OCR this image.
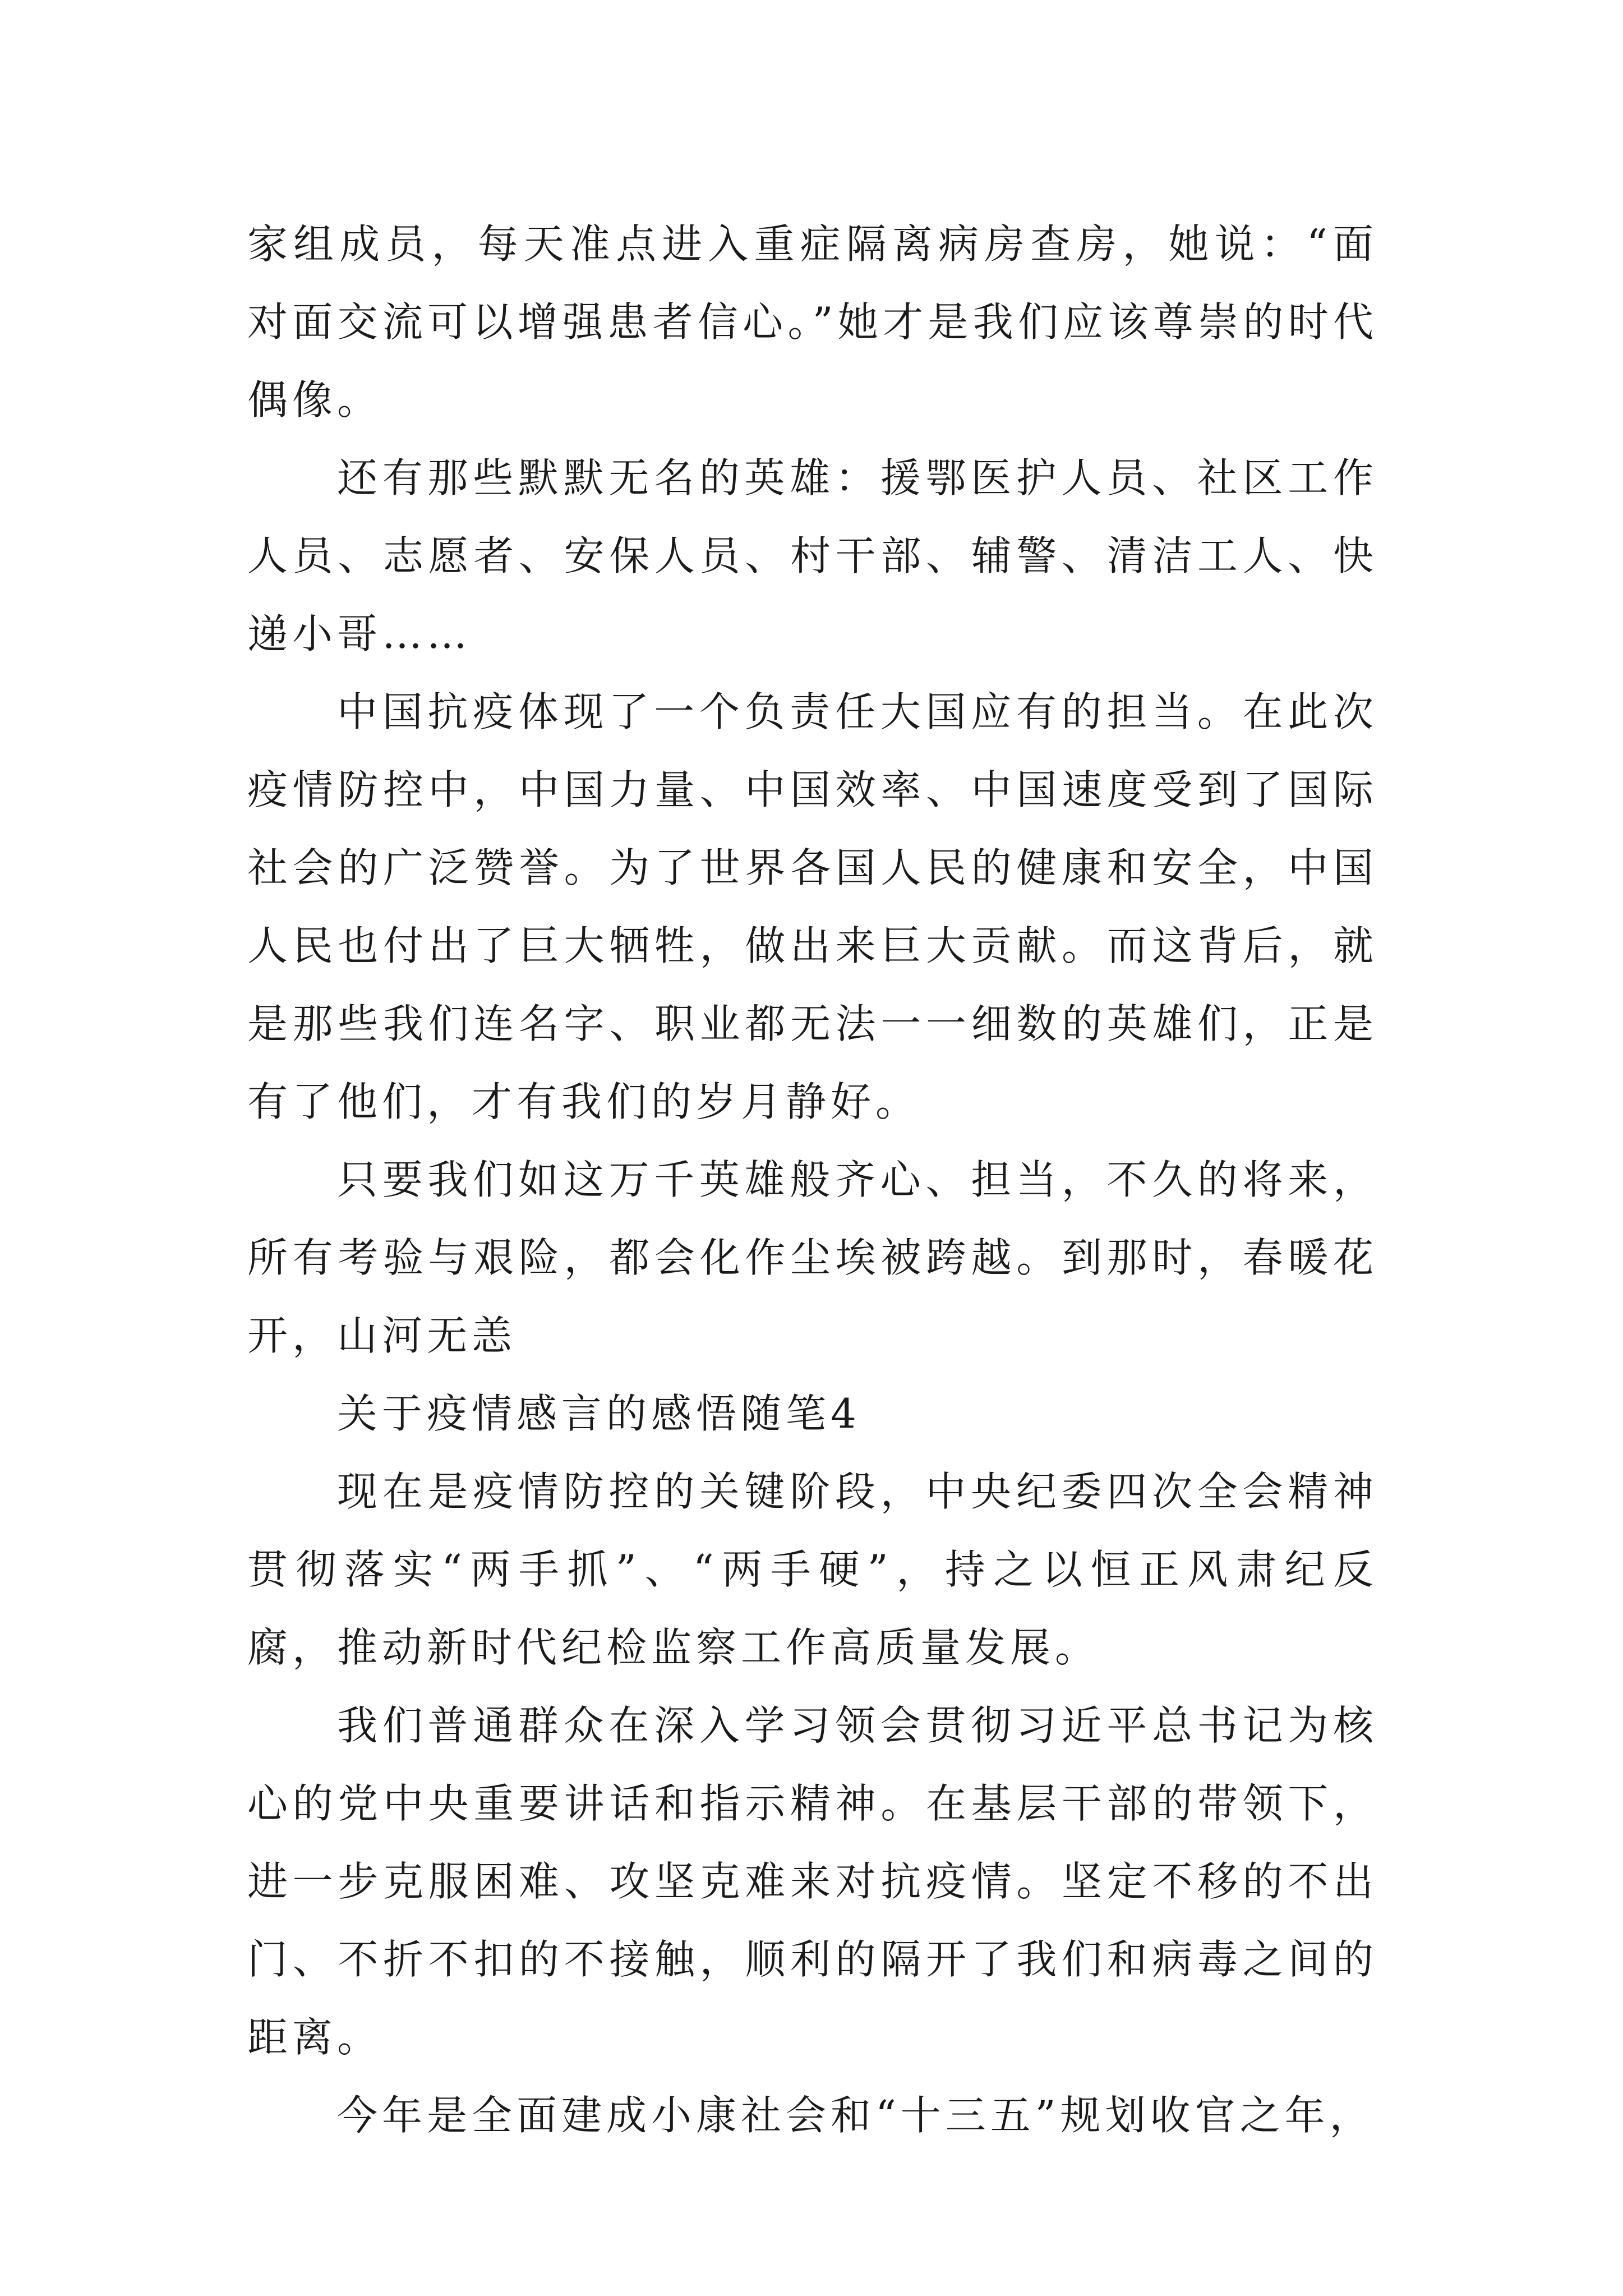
家组成员，每天准点进入重症隔离病房查房，她说：“面对面交流可以增强患者信心。”她才是我们应该尊崇的时代偶像。

还有那些默默无名的英雄：援鄂医护人员、社区工作人员、志愿者、安保人员、村干部、辅警、清洁工人、快递小哥……

中国抗疫体现了一个负责任大国应有的担当。在此次疫情防控中，中国力量、中国效率、中国速度受到了国际社会的广泛赞誉。为了世界各国人民的健康和安全，中国人民也付出了巨大牺牲，做出来巨大贡献。而这背后，就是那些我们连名字、职业都无法一一细数的英雄们，正是有了他们，才有我们的岁月静好。

只要我们如这万千英雄般齐心、担当，不久的将来，所有考验与艰险，都会化作尘埃被跨越。到那时，春暖花开，山河无恙

关于疫情感言的感悟随笔4

现在是疫情防控的关键阶段，中央纪委四次全会精神贯彻落实“两手抓”、“两手硬”，持之以恒正风肃纪反腐，推动新时代纪检监察工作高质量发展。

我们普通群众在深入学习领会贯彻习近平总书记为核心的党中央重要讲话和指示精神。在基层干部的带领下，进一步克服困难、攻坚克难来对抗疫情。坚定不移的不出门、不折不扣的不接触，顺利的隔开了我们和病毒之间的距离。

今年是全面建成小康社会和“十三五”规划收官之年，
